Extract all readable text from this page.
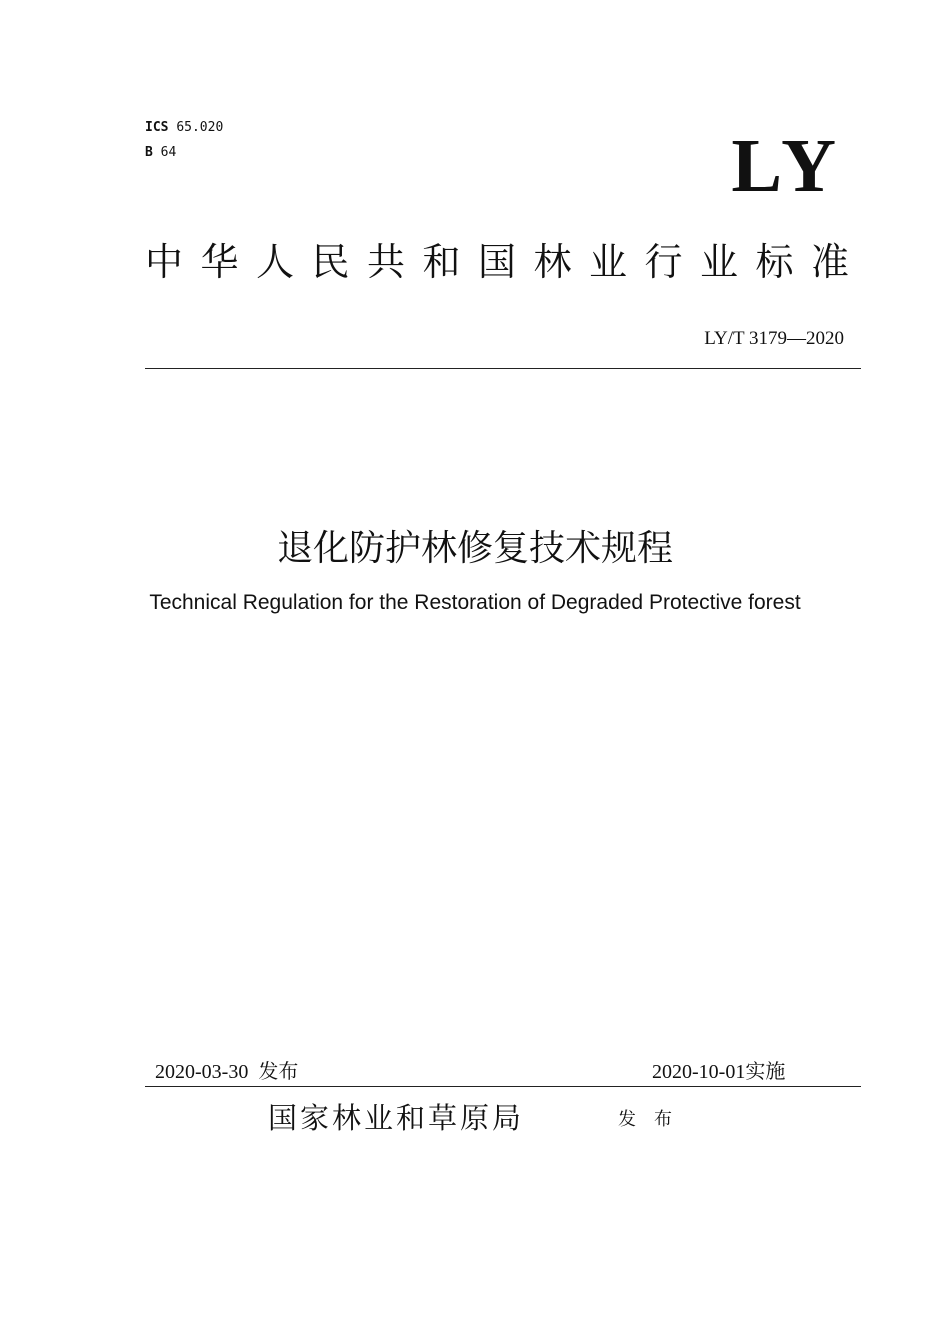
ICS 65.020
B 64	LY
中华人民共和国林业行业标准
LY/T 3179—2020
退化防护林修复技术规程
Technical Regulation for the Restoration of Degraded Protective forest
2020-03-30  发布	2020-10-01实施
国家林业和草原局	发布
